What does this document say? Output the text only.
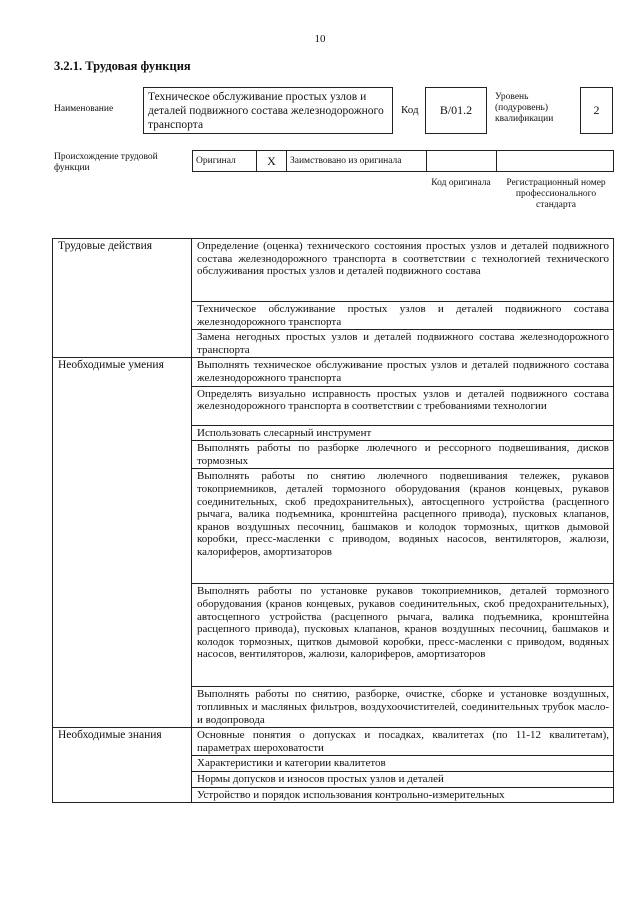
10
3.2.1. Трудовая функция
Наименование
Техническое обслуживание простых узлов и деталей подвижного состава железнодорожного транспорта
Код	B/01.2
Уровень (подуровень) квалификации
2
Происхождение трудовой функции
Оригинал	X	Заимствовано из оригинала		
Код оригинала	Регистрационный номер профессионального стандарта
Трудовые действия	Определение (оценка) технического состояния простых узлов и деталей подвижного состава железнодорожного транспорта в соответствии с технологией технического обслуживания простых узлов и деталей подвижного состава
	Техническое обслуживание простых узлов и деталей подвижного состава железнодорожного транспорта
	Замена негодных простых узлов и деталей подвижного состава железнодорожного транспорта
Необходимые умения	Выполнять техническое обслуживание простых узлов и деталей подвижного состава железнодорожного транспорта
	Определять визуально исправность простых узлов и деталей подвижного состава железнодорожного транспорта в соответствии с требованиями технологии
	Использовать слесарный инструмент
	Выполнять работы по разборке люлечного и рессорного подвешивания, дисков тормозных
	Выполнять работы по снятию люлечного подвешивания тележек, рукавов токоприемников, деталей тормозного оборудования (кранов концевых, рукавов соединительных, скоб предохранительных), автосцепного устройства (расцепного рычага, валика подъемника, кронштейна расцепного привода), пусковых клапанов, кранов воздушных песочниц, башмаков и колодок тормозных, щитков дымовой коробки, пресс-масленки с приводом, водяных насосов, вентиляторов, жалюзи, калориферов, амортизаторов
	Выполнять работы по установке рукавов токоприемников, деталей тормозного оборудования (кранов концевых, рукавов соединительных, скоб предохранительных), автосцепного устройства (расцепного рычага, валика подъемника, кронштейна расцепного привода), пусковых клапанов, кранов воздушных песочниц, башмаков и колодок тормозных, щитков дымовой коробки, пресс-масленки с приводом, водяных насосов, вентиляторов, жалюзи, калориферов, амортизаторов
	Выполнять работы по снятию, разборке, очистке, сборке и установке воздушных, топливных и масляных фильтров, воздухоочистителей, соединительных трубок масло- и водопровода
Необходимые знания	Основные понятия о допусках и посадках, квалитетах (по 11-12 квалитетам), параметрах шероховатости
	Характеристики и категории квалитетов
	Нормы допусков и износов простых узлов и деталей
	Устройство и порядок использования контрольно-измерительных
